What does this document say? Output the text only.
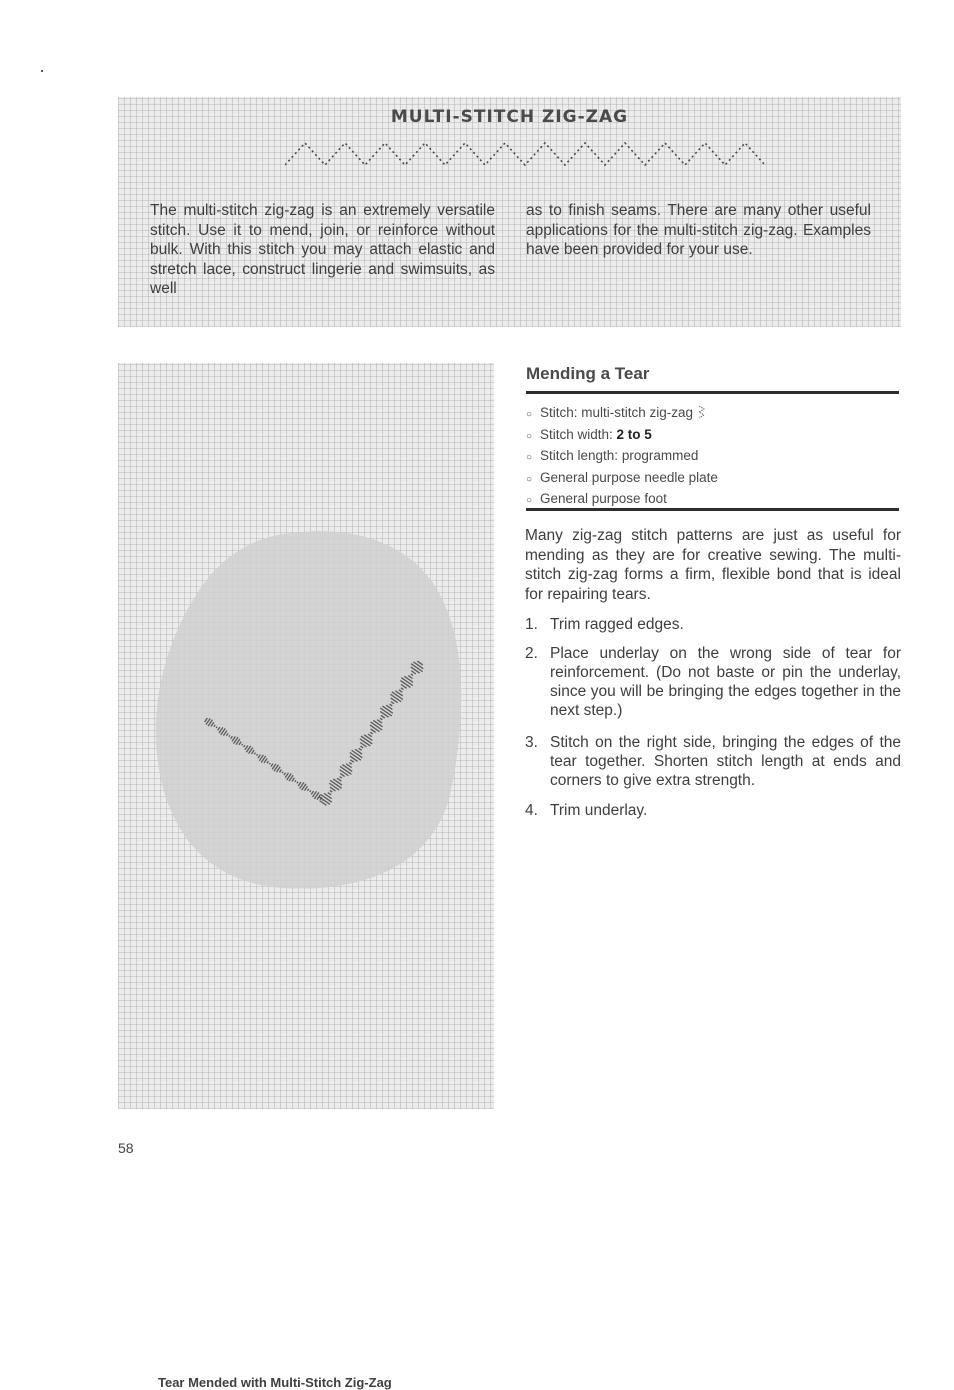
MULTI-STITCH ZIG-ZAG
The multi-stitch zig-zag is an extremely versatile stitch. Use it to mend, join, or reinforce without bulk. With this stitch you may attach elastic and stretch lace, construct lingerie and swimsuits, as well
as to finish seams. There are many other useful applications for the multi-stitch zig-zag. Examples have been provided for your use.
Tear Mended with Multi-Stitch Zig-Zag
Mending a Tear
○ Stitch: multi-stitch zig-zag
○ Stitch width: 2 to 5
○ Stitch length: programmed
○ General purpose needle plate
○ General purpose foot
Many zig-zag stitch patterns are just as useful for mending as they are for creative sewing. The multi-stitch zig-zag forms a firm, flexible bond that is ideal for repairing tears.
1. Trim ragged edges.
2. Place underlay on the wrong side of tear for reinforcement. (Do not baste or pin the underlay, since you will be bringing the edges together in the next step.)
3. Stitch on the right side, bringing the edges of the tear together. Shorten stitch length at ends and corners to give extra strength.
4. Trim underlay.
58
